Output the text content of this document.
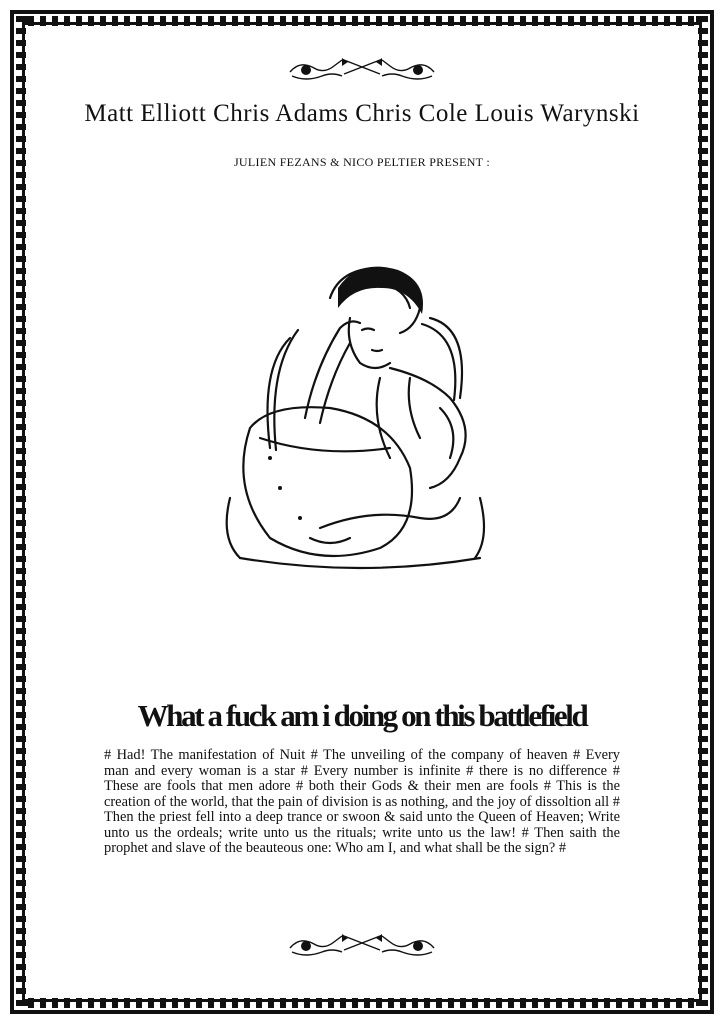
Matt Elliott Chris Adams Chris Cole Louis Warynski
JULIEN FEZANS & NICO PELTIER PRESENT :
What a fuck am i doing on this battlefield
# Had! The manifestation of Nuit # The unveiling of the company of heaven # Every man and every woman is a star # Every number is infinite # there is no difference # These are fools that men adore # both their Gods & their men are fools # This is the creation of the world, that the pain of division is as nothing, and the joy of dissoltion all # Then the priest fell into a deep trance or swoon & said unto the Queen of Heaven; Write unto us the ordeals; write unto us the rituals; write unto us the law! # Then saith the prophet and slave of the beauteous one: Who am I, and what shall be the sign? #
